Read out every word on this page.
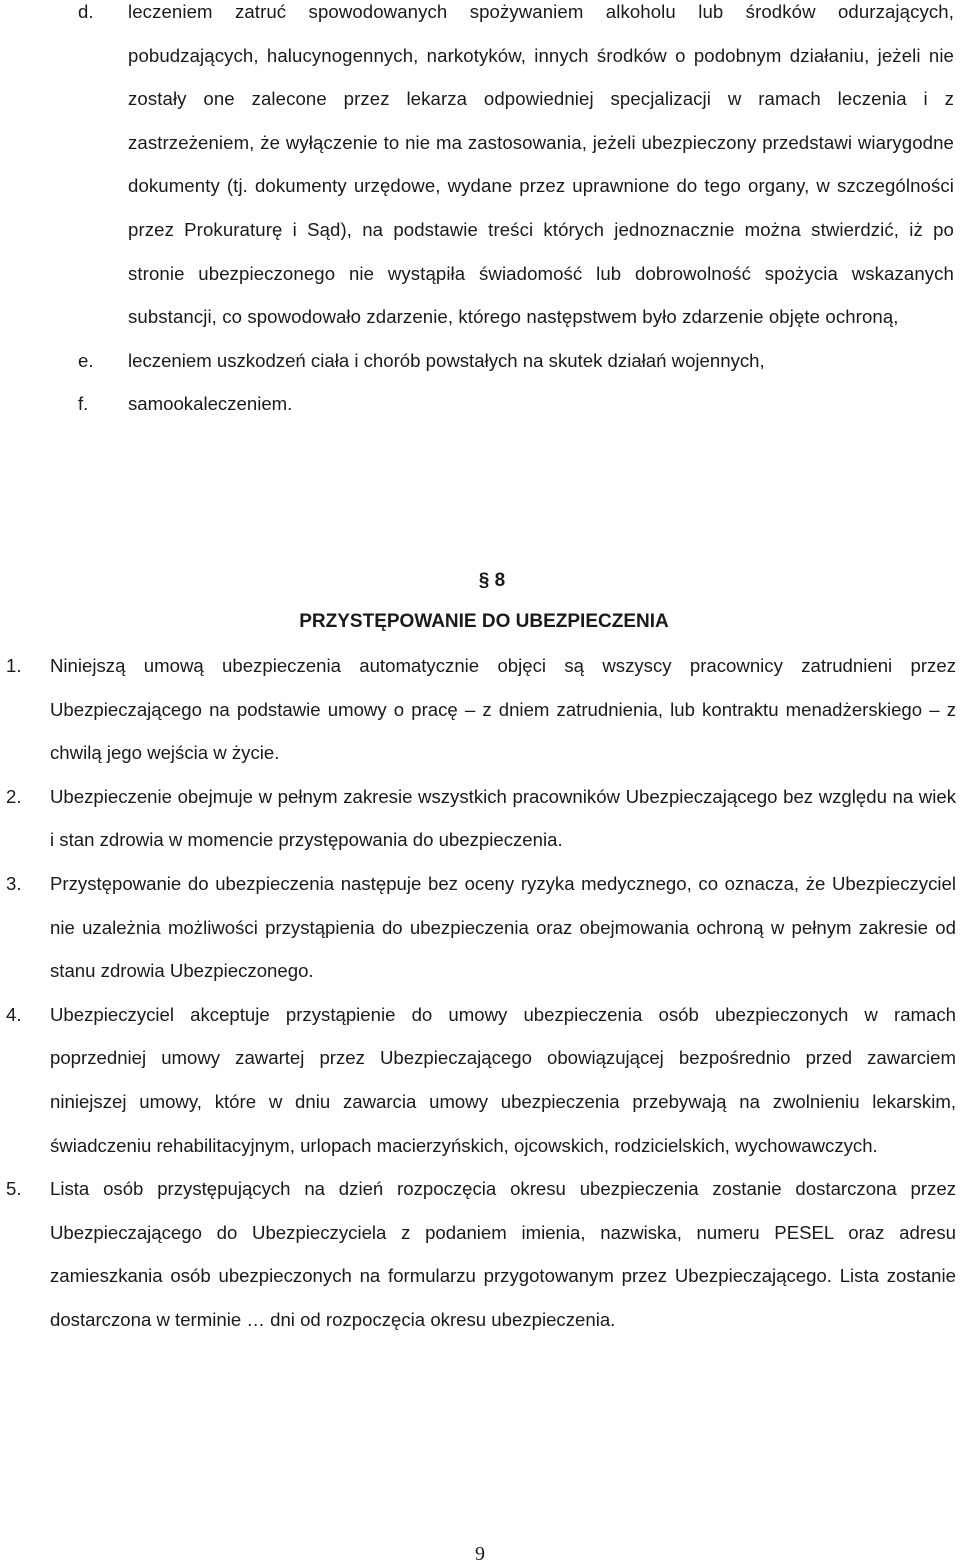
d.	leczeniem zatruć spowodowanych spożywaniem alkoholu lub środków odurzających, pobudzających, halucynogennych, narkotyków, innych środków o podobnym działaniu, jeżeli nie zostały one zalecone przez lekarza odpowiedniej specjalizacji w ramach leczenia i z zastrzeżeniem, że wyłączenie to nie ma zastosowania, jeżeli ubezpieczony przedstawi wiarygodne dokumenty (tj. dokumenty urzędowe, wydane przez uprawnione do tego organy, w szczególności przez Prokuraturę i Sąd), na podstawie treści których jednoznacznie można stwierdzić, iż po stronie ubezpieczonego nie wystąpiła świadomość lub dobrowolność spożycia wskazanych substancji, co spowodowało zdarzenie, którego następstwem było zdarzenie objęte ochroną,
e.	leczeniem uszkodzeń ciała i chorób powstałych na skutek działań wojennych,
f.	samookaleczeniem.
§ 8
PRZYSTĘPOWANIE DO UBEZPIECZENIA
1.	Niniejszą umową ubezpieczenia automatycznie objęci są wszyscy pracownicy zatrudnieni przez Ubezpieczającego na podstawie umowy o pracę – z dniem zatrudnienia, lub kontraktu menadżerskiego – z chwilą jego wejścia w życie.
2.	Ubezpieczenie obejmuje w pełnym zakresie wszystkich pracowników Ubezpieczającego bez względu na wiek i stan zdrowia w momencie przystępowania do ubezpieczenia.
3.	Przystępowanie do ubezpieczenia następuje bez oceny ryzyka medycznego, co oznacza, że Ubezpieczyciel nie uzależnia możliwości przystąpienia do ubezpieczenia oraz obejmowania ochroną w pełnym zakresie od stanu zdrowia Ubezpieczonego.
4.	Ubezpieczyciel akceptuje przystąpienie do umowy ubezpieczenia osób ubezpieczonych w ramach poprzedniej umowy zawartej przez Ubezpieczającego obowiązującej bezpośrednio przed zawarciem niniejszej umowy, które w dniu zawarcia umowy ubezpieczenia przebywają na zwolnieniu lekarskim, świadczeniu rehabilitacyjnym, urlopach macierzyńskich, ojcowskich, rodzicielskich, wychowawczych.
5.	Lista osób przystępujących na dzień rozpoczęcia okresu ubezpieczenia zostanie dostarczona przez Ubezpieczającego do Ubezpieczyciela z podaniem imienia, nazwiska, numeru PESEL oraz adresu zamieszkania osób ubezpieczonych na formularzu przygotowanym przez Ubezpieczającego. Lista zostanie dostarczona w terminie … dni od rozpoczęcia okresu ubezpieczenia.
9
